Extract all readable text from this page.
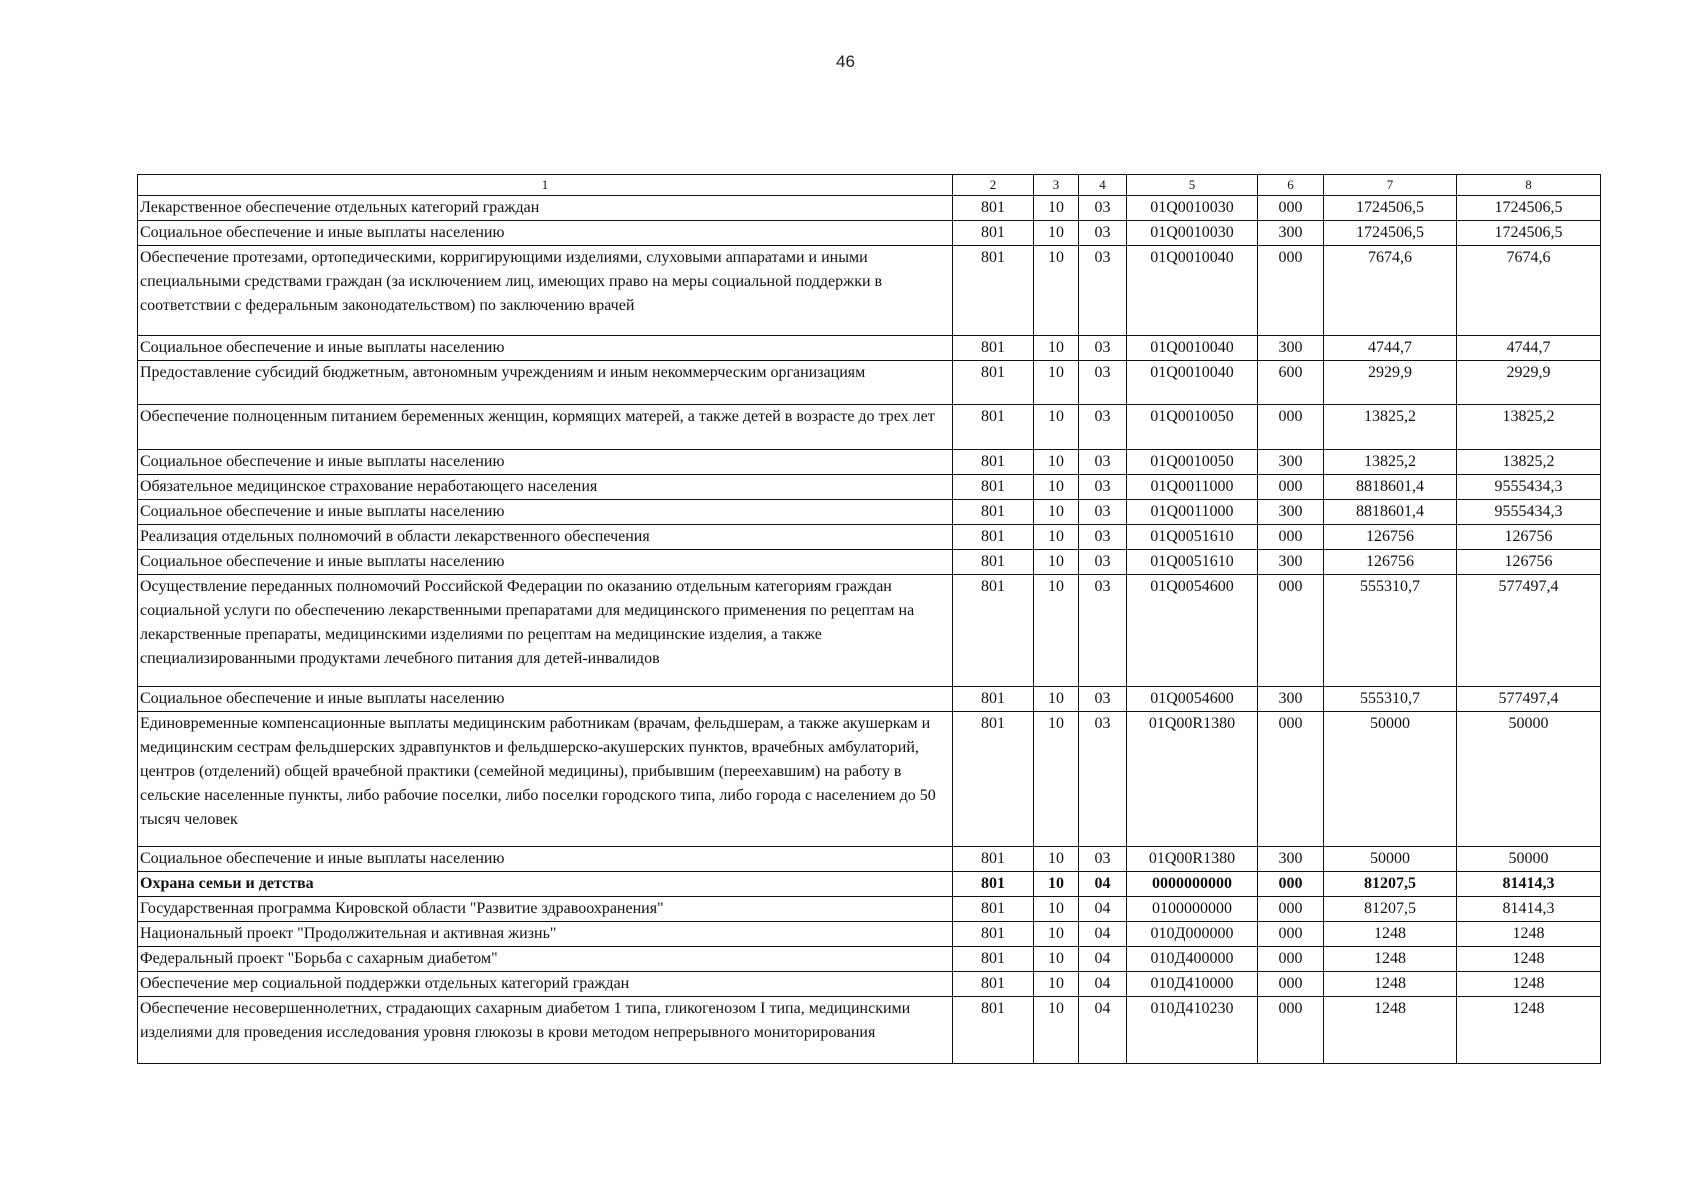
46
1	2	3	4	5	6	7	8
Лекарственное обеспечение отдельных категорий граждан	801	10	03	01Q0010030	000	1724506,5	1724506,5
Социальное обеспечение и иные выплаты населению	801	10	03	01Q0010030	300	1724506,5	1724506,5
Обеспечение протезами, ортопедическими, корригирующими изделиями, слуховыми аппаратами и иными специальными средствами граждан (за исключением лиц, имеющих право на меры социальной поддержки в соответствии с федеральным законодательством) по заключению врачей	801	10	03	01Q0010040	000	7674,6	7674,6
Социальное обеспечение и иные выплаты населению	801	10	03	01Q0010040	300	4744,7	4744,7
Предоставление субсидий бюджетным, автономным учреждениям и иным некоммерческим организациям	801	10	03	01Q0010040	600	2929,9	2929,9
Обеспечение полноценным питанием беременных женщин, кормящих матерей, а также детей в возрасте до трех лет	801	10	03	01Q0010050	000	13825,2	13825,2
Социальное обеспечение и иные выплаты населению	801	10	03	01Q0010050	300	13825,2	13825,2
Обязательное медицинское страхование неработающего населения	801	10	03	01Q0011000	000	8818601,4	9555434,3
Социальное обеспечение и иные выплаты населению	801	10	03	01Q0011000	300	8818601,4	9555434,3
Реализация отдельных полномочий в области лекарственного обеспечения	801	10	03	01Q0051610	000	126756	126756
Социальное обеспечение и иные выплаты населению	801	10	03	01Q0051610	300	126756	126756
Осуществление переданных полномочий Российской Федерации по оказанию отдельным категориям граждан социальной услуги по обеспечению лекарственными препаратами для медицинского применения по рецептам на лекарственные препараты, медицинскими изделиями по рецептам на медицинские изделия, а также специализированными продуктами лечебного питания для детей-инвалидов	801	10	03	01Q0054600	000	555310,7	577497,4
Социальное обеспечение и иные выплаты населению	801	10	03	01Q0054600	300	555310,7	577497,4
Единовременные компенсационные выплаты медицинским работникам (врачам, фельдшерам, а также акушеркам и медицинским сестрам фельдшерских здравпунктов и фельдшерско-акушерских пунктов, врачебных амбулаторий, центров (отделений) общей врачебной практики (семейной медицины), прибывшим (переехавшим) на работу в сельские населенные пункты, либо рабочие поселки, либо поселки городского типа, либо города с населением до 50 тысяч человек	801	10	03	01Q00R1380	000	50000	50000
Социальное обеспечение и иные выплаты населению	801	10	03	01Q00R1380	300	50000	50000
Охрана семьи и детства	801	10	04	0000000000	000	81207,5	81414,3
Государственная программа Кировской области "Развитие здравоохранения"	801	10	04	0100000000	000	81207,5	81414,3
Национальный проект "Продолжительная и активная жизнь"	801	10	04	010Д000000	000	1248	1248
Федеральный проект "Борьба с сахарным диабетом"	801	10	04	010Д400000	000	1248	1248
Обеспечение мер социальной поддержки отдельных категорий граждан	801	10	04	010Д410000	000	1248	1248
Обеспечение несовершеннолетних, страдающих сахарным диабетом 1 типа, гликогенозом I типа, медицинскими изделиями для проведения исследования уровня глюкозы в крови методом непрерывного мониторирования	801	10	04	010Д410230	000	1248	1248
